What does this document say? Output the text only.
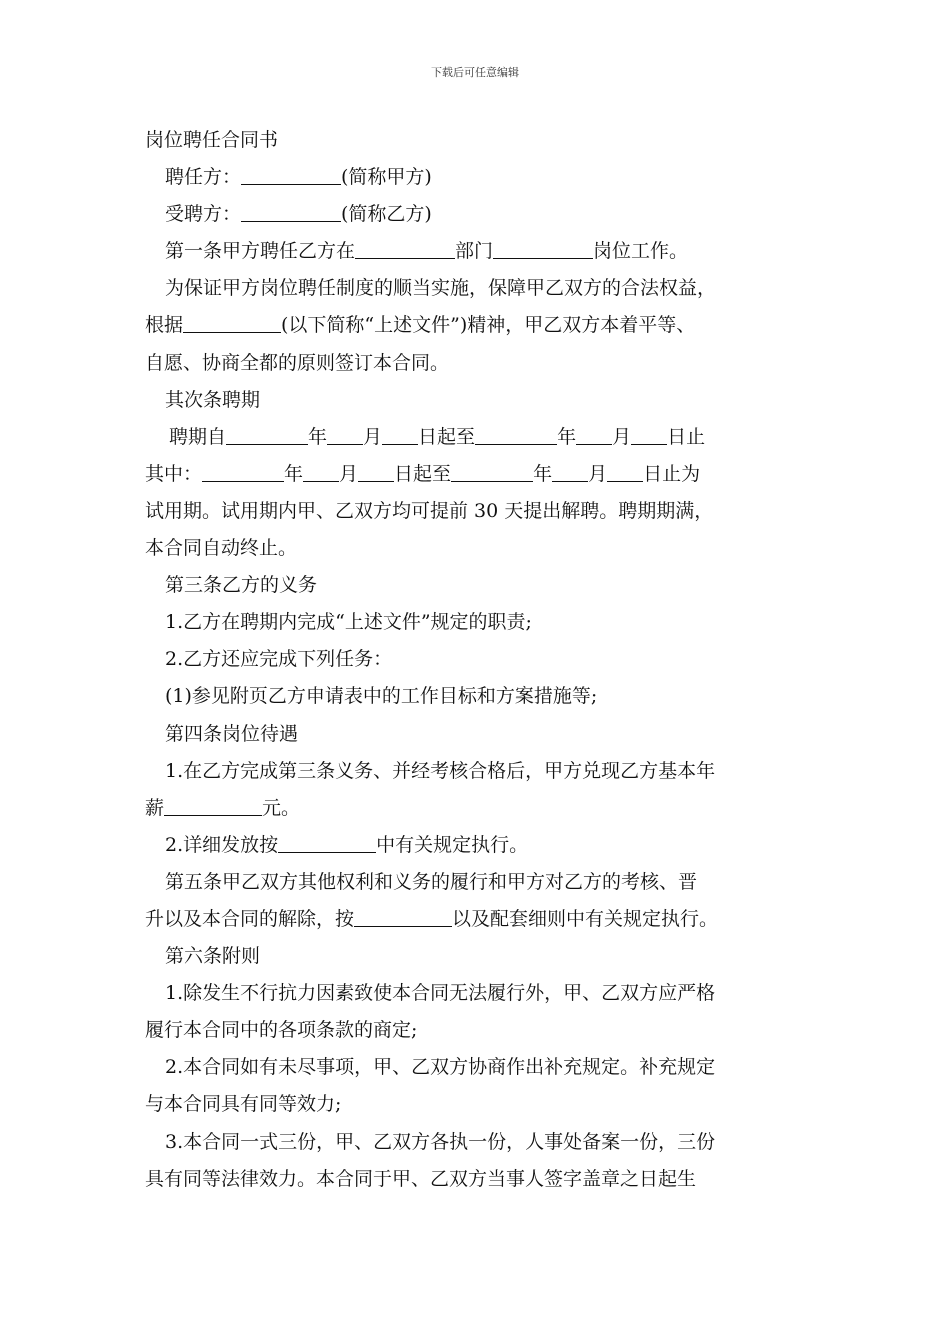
下载后可任意编辑
岗位聘任合同书
聘任方：	(简称甲方)
受聘方：	(简称乙方)
第一条甲方聘任乙方在	部门	岗位工作。
为保证甲方岗位聘任制度的顺当实施，保障甲乙双方的合法权益，
根据	(以下简称“上述文件”)精神，甲乙双方本着平等、
自愿、协商全都的原则签订本合同。
其次条聘期
聘期自	年 月 日起至	年 月 日止
其中：	年 月 日起至	年 月 日止为
试用期。试用期内甲、乙双方均可提前 30 天提出解聘。聘期期满，
本合同自动终止。
第三条乙方的义务
1.乙方在聘期内完成“上述文件”规定的职责;
2.乙方还应完成下列任务：
(1)参见附页乙方申请表中的工作目标和方案措施等;
第四条岗位待遇
1.在乙方完成第三条义务、并经考核合格后，甲方兑现乙方基本年
薪	元。
2.详细发放按	中有关规定执行。
第五条甲乙双方其他权利和义务的履行和甲方对乙方的考核、晋
升以及本合同的解除，按	以及配套细则中有关规定执行。
第六条附则
1.除发生不行抗力因素致使本合同无法履行外，甲、乙双方应严格
履行本合同中的各项条款的商定;
2.本合同如有未尽事项，甲、乙双方协商作出补充规定。补充规定
与本合同具有同等效力;
3.本合同一式三份，甲、乙双方各执一份，人事处备案一份，三份
具有同等法律效力。本合同于甲、乙双方当事人签字盖章之日起生
